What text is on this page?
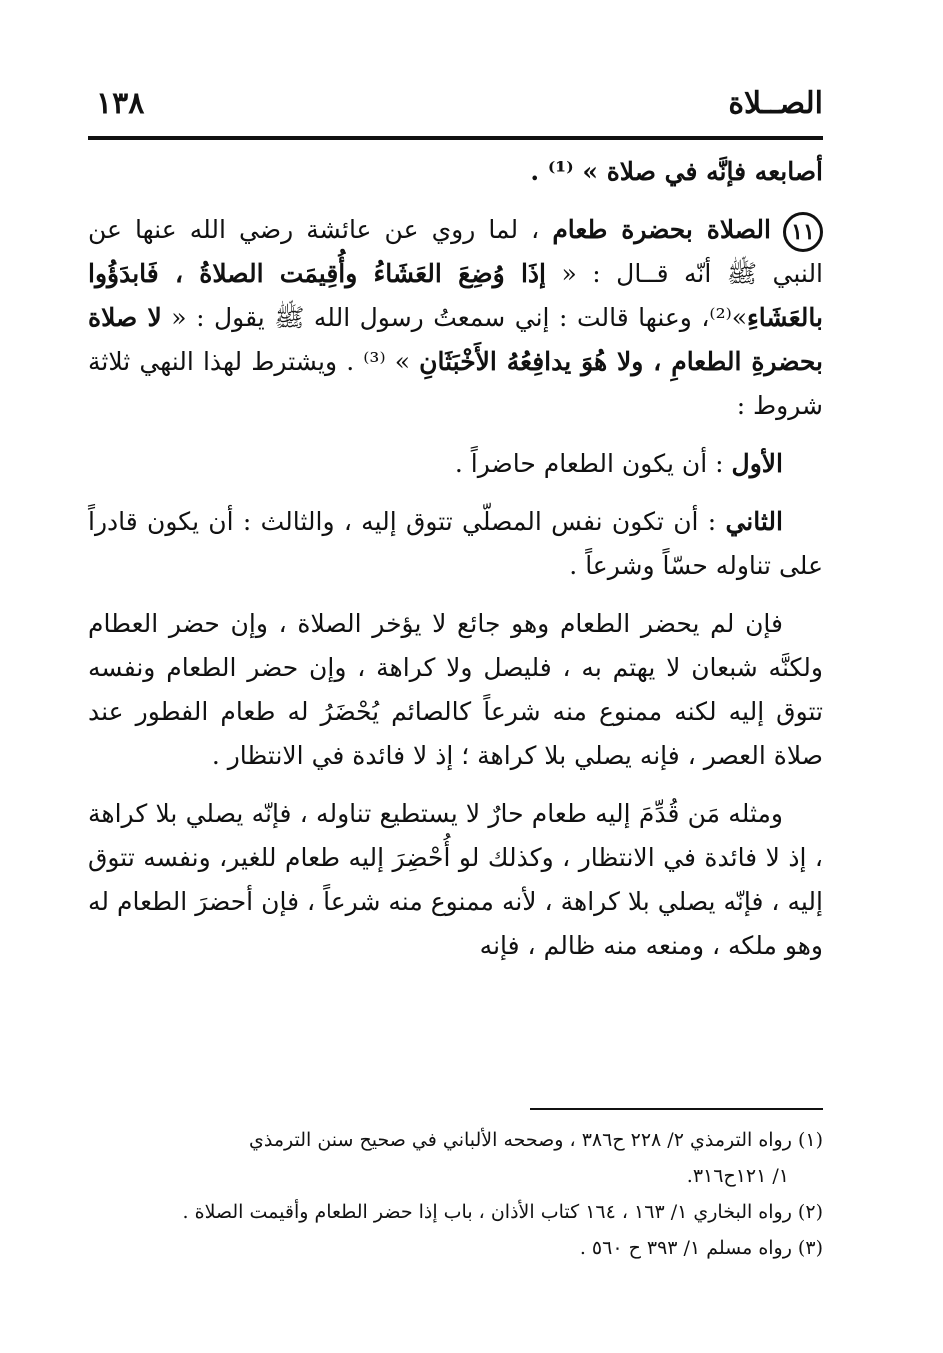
الصــلاة
١٣٨

أصابعه فإنَّه في صلاة » ⁽¹⁾ .

١١الصلاة بحضرة طعام ، لما روي عن عائشة رضي الله عنها عن النبي ﷺ أنّه قــال : « إذَا وُضِعَ العَشَاءُ وأُقِيمَت الصلاةُ ، فَابدَؤُوا بالعَشَاءِ»⁽²⁾، وعنها قالت : إني سمعتُ رسول الله ﷺ يقول : « لا صلاة بحضرةِ الطعامِ ، ولا هُوَ يدافِعُهُ الأَخْبَثَانِ » ⁽³⁾ . ويشترط لهذا النهي ثلاثة شروط :

الأول : أن يكون الطعام حاضراً .

الثاني : أن تكون نفس المصلّي تتوق إليه ، والثالث : أن يكون قادراً على تناوله حسّاً وشرعاً .

فإن لم يحضر الطعام وهو جائع لا يؤخر الصلاة ، وإن حضر العطام ولكنَّه شبعان لا يهتم به ، فليصل ولا كراهة ، وإن حضر الطعام ونفسه تتوق إليه لكنه ممنوع منه شرعاً كالصائم يُحْضَرُ له طعام الفطور عند صلاة العصر ، فإنه يصلي بلا كراهة ؛ إذ لا فائدة في الانتظار .

ومثله مَن قُدِّمَ إليه طعام حارٌ لا يستطيع تناوله ، فإنّه يصلي بلا كراهة ، إذ لا فائدة في الانتظار ، وكذلك لو أُحْضِرَ إليه طعام للغير، ونفسه تتوق إليه ، فإنّه يصلي بلا كراهة ، لأنه ممنوع منه شرعاً ، فإن أحضرَ الطعام له وهو ملكه ، ومنعه منه ظالم ، فإنه

(١) رواه الترمذي ٢/ ٢٢٨ ح٣٨٦ ، وصححه الألباني في صحيح سنن الترمذي
١/ ١٢١ح٣١٦.
(٢) رواه البخاري ١/ ١٦٣ ، ١٦٤ كتاب الأذان ، باب إذا حضر الطعام وأقيمت الصلاة .
(٣) رواه مسلم ١/ ٣٩٣ ح ٥٦٠ .
